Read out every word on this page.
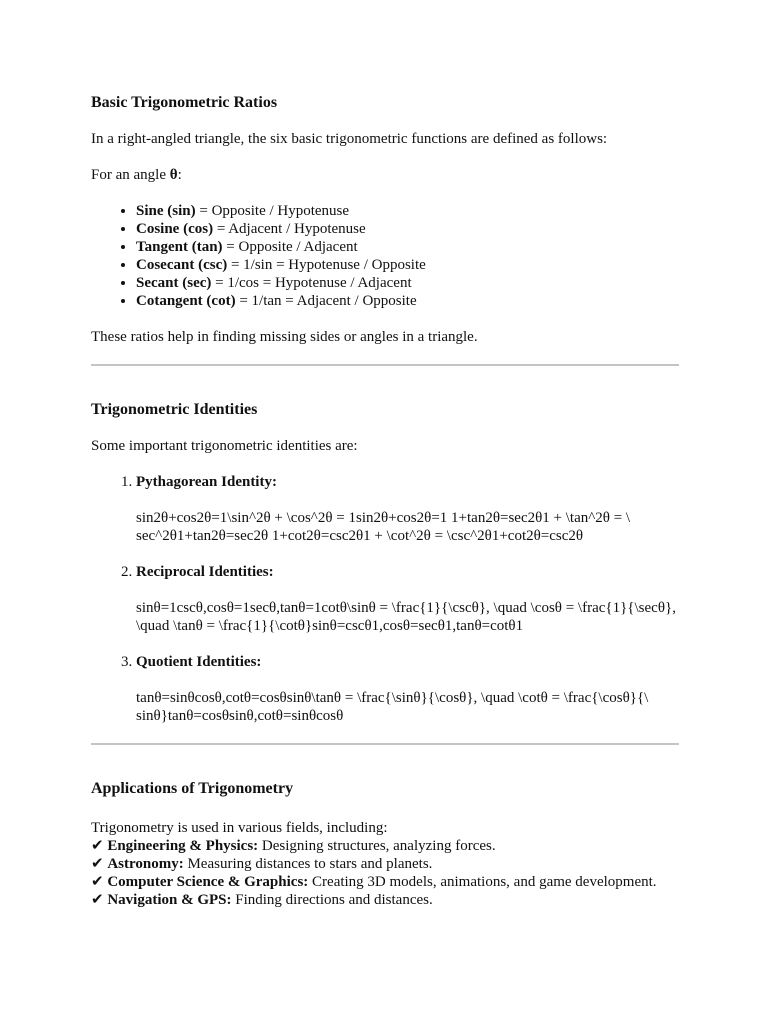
Basic Trigonometric Ratios

In a right-angled triangle, the six basic trigonometric functions are defined as follows:

For an angle θ:

• Sine (sin) = Opposite / Hypotenuse
• Cosine (cos) = Adjacent / Hypotenuse
• Tangent (tan) = Opposite / Adjacent
• Cosecant (csc) = 1/sin = Hypotenuse / Opposite
• Secant (sec) = 1/cos = Hypotenuse / Adjacent
• Cotangent (cot) = 1/tan = Adjacent / Opposite

These ratios help in finding missing sides or angles in a triangle.

Trigonometric Identities

Some important trigonometric identities are:

1. Pythagorean Identity:

sin2θ+cos2θ=1\sin^2θ + \cos^2θ = 1sin2θ+cos2θ=1 1+tan2θ=sec2θ1 + \tan^2θ = \ sec^2θ1+tan2θ=sec2θ 1+cot2θ=csc2θ1 + \cot^2θ = \csc^2θ1+cot2θ=csc2θ

2. Reciprocal Identities:

sinθ=1cscθ,cosθ=1secθ,tanθ=1cotθ\sinθ = \frac{1}{\cscθ}, \quad \cosθ = \frac{1}{\secθ}, \quad \tanθ = \frac{1}{\cotθ}sinθ=cscθ1,cosθ=secθ1,tanθ=cotθ1

3. Quotient Identities:

tanθ=sinθcosθ,cotθ=cosθsinθ\tanθ = \frac{\sinθ}{\cosθ}, \quad \cotθ = \frac{\cosθ}{\ sinθ}tanθ=cosθsinθ,cotθ=sinθcosθ

Applications of Trigonometry

Trigonometry is used in various fields, including:

✔ Engineering & Physics: Designing structures, analyzing forces.
✔ Astronomy: Measuring distances to stars and planets.
✔ Computer Science & Graphics: Creating 3D models, animations, and game development.
✔ Navigation & GPS: Finding directions and distances.
